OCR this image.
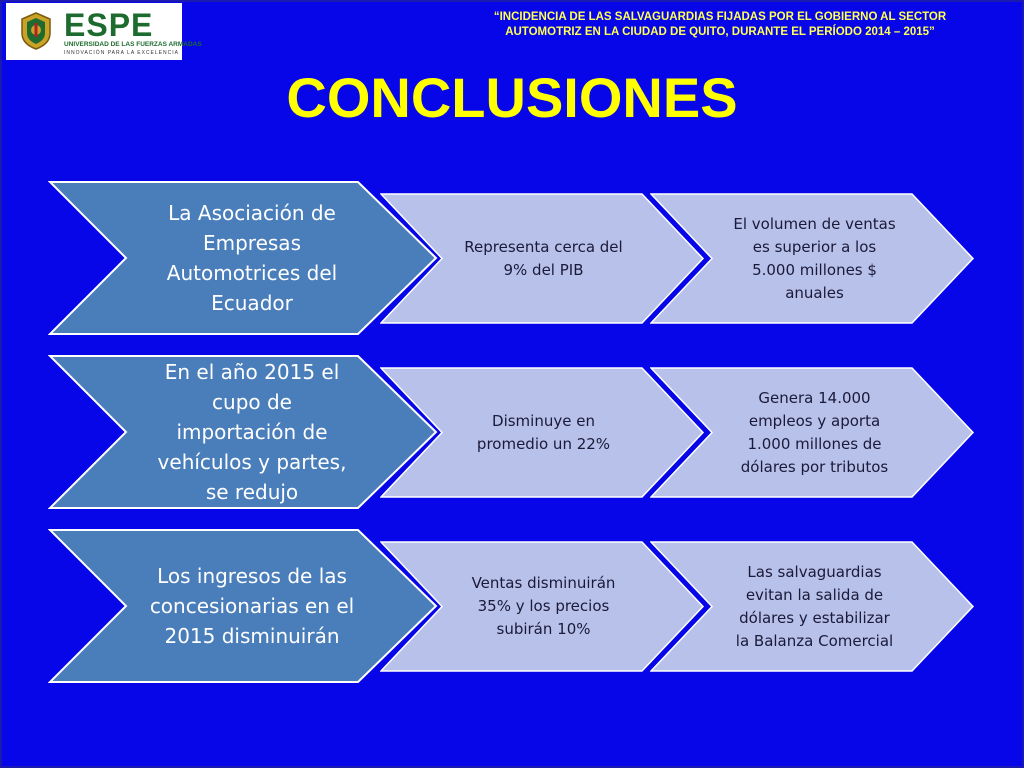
ESPE
UNIVERSIDAD DE LAS FUERZAS ARMADAS
INNOVACIÓN PARA LA EXCELENCIA
“INCIDENCIA DE LAS SALVAGUARDIAS FIJADAS POR EL GOBIERNO AL SECTOR
AUTOMOTRIZ EN LA CIUDAD DE QUITO, DURANTE EL PERÍODO 2014 – 2015”
CONCLUSIONES
La Asociación de
Empresas
Automotrices del
Ecuador
Representa cerca del
9% del PIB
El volumen de ventas
es superior a los
5.000 millones $
anuales
En el año 2015 el
cupo de
importación de
vehículos y partes,
se redujo
Disminuye en
promedio un 22%
Genera 14.000
empleos y aporta
1.000 millones de
dólares por tributos
Los ingresos de las
concesionarias en el
2015 disminuirán
Ventas disminuirán
35% y los precios
subirán 10%
Las salvaguardias
evitan la salida de
dólares y estabilizar
la Balanza Comercial
